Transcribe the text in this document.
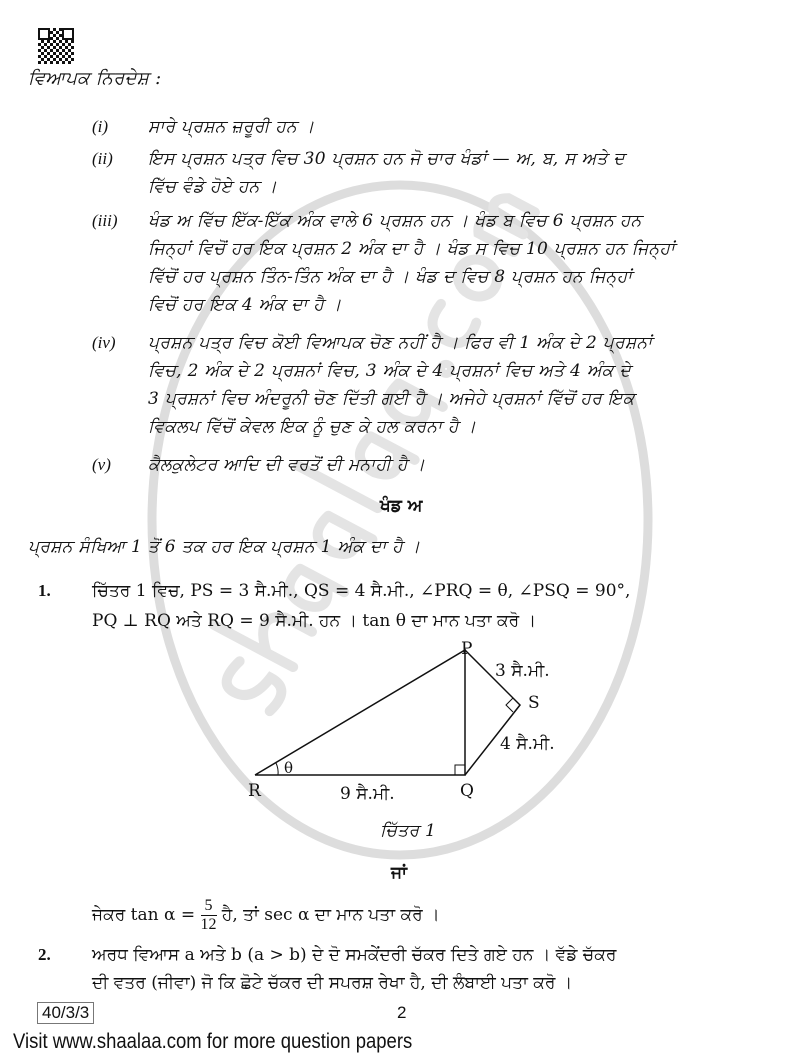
ਵਿਆਪਕ ਨਿਰਦੇਸ਼ :
(i) ਸਾਰੇ ਪ੍ਰਸ਼ਨ ਜ਼ਰੂਰੀ ਹਨ ।
(ii) ਇਸ ਪ੍ਰਸ਼ਨ ਪਤ੍ਰ ਵਿਚ 30 ਪ੍ਰਸ਼ਨ ਹਨ ਜੋ ਚਾਰ ਖੰਡਾਂ — ਅ, ਬ, ਸ ਅਤੇ ਦ
ਵਿੱਚ ਵੰਡੇ ਹੋਏ ਹਨ ।
(iii) ਖੰਡ ਅ ਵਿੱਚ ਇੱਕ-ਇੱਕ ਅੰਕ ਵਾਲੇ 6 ਪ੍ਰਸ਼ਨ ਹਨ । ਖੰਡ ਬ ਵਿਚ 6 ਪ੍ਰਸ਼ਨ ਹਨ
ਜਿਨ੍ਹਾਂ ਵਿਚੋਂ ਹਰ ਇਕ ਪ੍ਰਸ਼ਨ 2 ਅੰਕ ਦਾ ਹੈ । ਖੰਡ ਸ ਵਿਚ 10 ਪ੍ਰਸ਼ਨ ਹਨ ਜਿਨ੍ਹਾਂ
ਵਿੱਚੋਂ ਹਰ ਪ੍ਰਸ਼ਨ ਤਿੰਨ-ਤਿੰਨ ਅੰਕ ਦਾ ਹੈ । ਖੰਡ ਦ ਵਿਚ 8 ਪ੍ਰਸ਼ਨ ਹਨ ਜਿਨ੍ਹਾਂ
ਵਿਚੋਂ ਹਰ ਇਕ 4 ਅੰਕ ਦਾ ਹੈ ।
(iv) ਪ੍ਰਸ਼ਨ ਪਤ੍ਰ ਵਿਚ ਕੋਈ ਵਿਆਪਕ ਚੋਣ ਨਹੀਂ ਹੈ । ਫਿਰ ਵੀ 1 ਅੰਕ ਦੇ 2 ਪ੍ਰਸ਼ਨਾਂ
ਵਿਚ, 2 ਅੰਕ ਦੇ 2 ਪ੍ਰਸ਼ਨਾਂ ਵਿਚ, 3 ਅੰਕ ਦੇ 4 ਪ੍ਰਸ਼ਨਾਂ ਵਿਚ ਅਤੇ 4 ਅੰਕ ਦੇ
3 ਪ੍ਰਸ਼ਨਾਂ ਵਿਚ ਅੰਦਰੂਨੀ ਚੋਣ ਦਿੱਤੀ ਗਈ ਹੈ । ਅਜੇਹੇ ਪ੍ਰਸ਼ਨਾਂ ਵਿੱਚੋਂ ਹਰ ਇਕ
ਵਿਕਲਪ ਵਿੱਚੋਂ ਕੇਵਲ ਇਕ ਨੂੰ ਚੁਣ ਕੇ ਹਲ ਕਰਨਾ ਹੈ ।
(v) ਕੈਲਕੁਲੇਟਰ ਆਦਿ ਦੀ ਵਰਤੋਂ ਦੀ ਮਨਾਹੀ ਹੈ ।
ਖੰਡ ਅ
ਪ੍ਰਸ਼ਨ ਸੰਖਿਆ 1 ਤੋਂ 6 ਤਕ ਹਰ ਇਕ ਪ੍ਰਸ਼ਨ 1 ਅੰਕ ਦਾ ਹੈ ।
1. ਚਿੱਤਰ 1 ਵਿਚ, PS = 3 ਸੈ.ਮੀ., QS = 4 ਸੈ.ਮੀ., ∠PRQ = θ, ∠PSQ = 90°,
PQ ⊥ RQ ਅਤੇ RQ = 9 ਸੈ.ਮੀ. ਹਨ । tan θ ਦਾ ਮਾਨ ਪਤਾ ਕਰੋ ।
P
3 ਸੈ.ਮੀ.
S
4 ਸੈ.ਮੀ.
θ
R	9 ਸੈ.ਮੀ.	Q
ਚਿੱਤਰ 1
ਜਾਂ
ਜੇਕਰ $\tan \alpha = \frac{5}{12}$ ਹੈ, ਤਾਂ sec α ਦਾ ਮਾਨ ਪਤਾ ਕਰੋ ।
2. ਅਰਧ ਵਿਆਸ a ਅਤੇ b (a > b) ਦੇ ਦੋ ਸਮਕੇਂਦਰੀ ਚੱਕਰ ਦਿਤੇ ਗਏ ਹਨ । ਵੱਡੇ ਚੱਕਰ
ਦੀ ਵਤਰ (ਜੀਵਾ) ਜੋ ਕਿ ਛੋਟੇ ਚੱਕਰ ਦੀ ਸਪਰਸ਼ ਰੇਖਾ ਹੈ, ਦੀ ਲੰਬਾਈ ਪਤਾ ਕਰੋ ।
40/3/3	2
Visit www.shaalaa.com for more question papers
